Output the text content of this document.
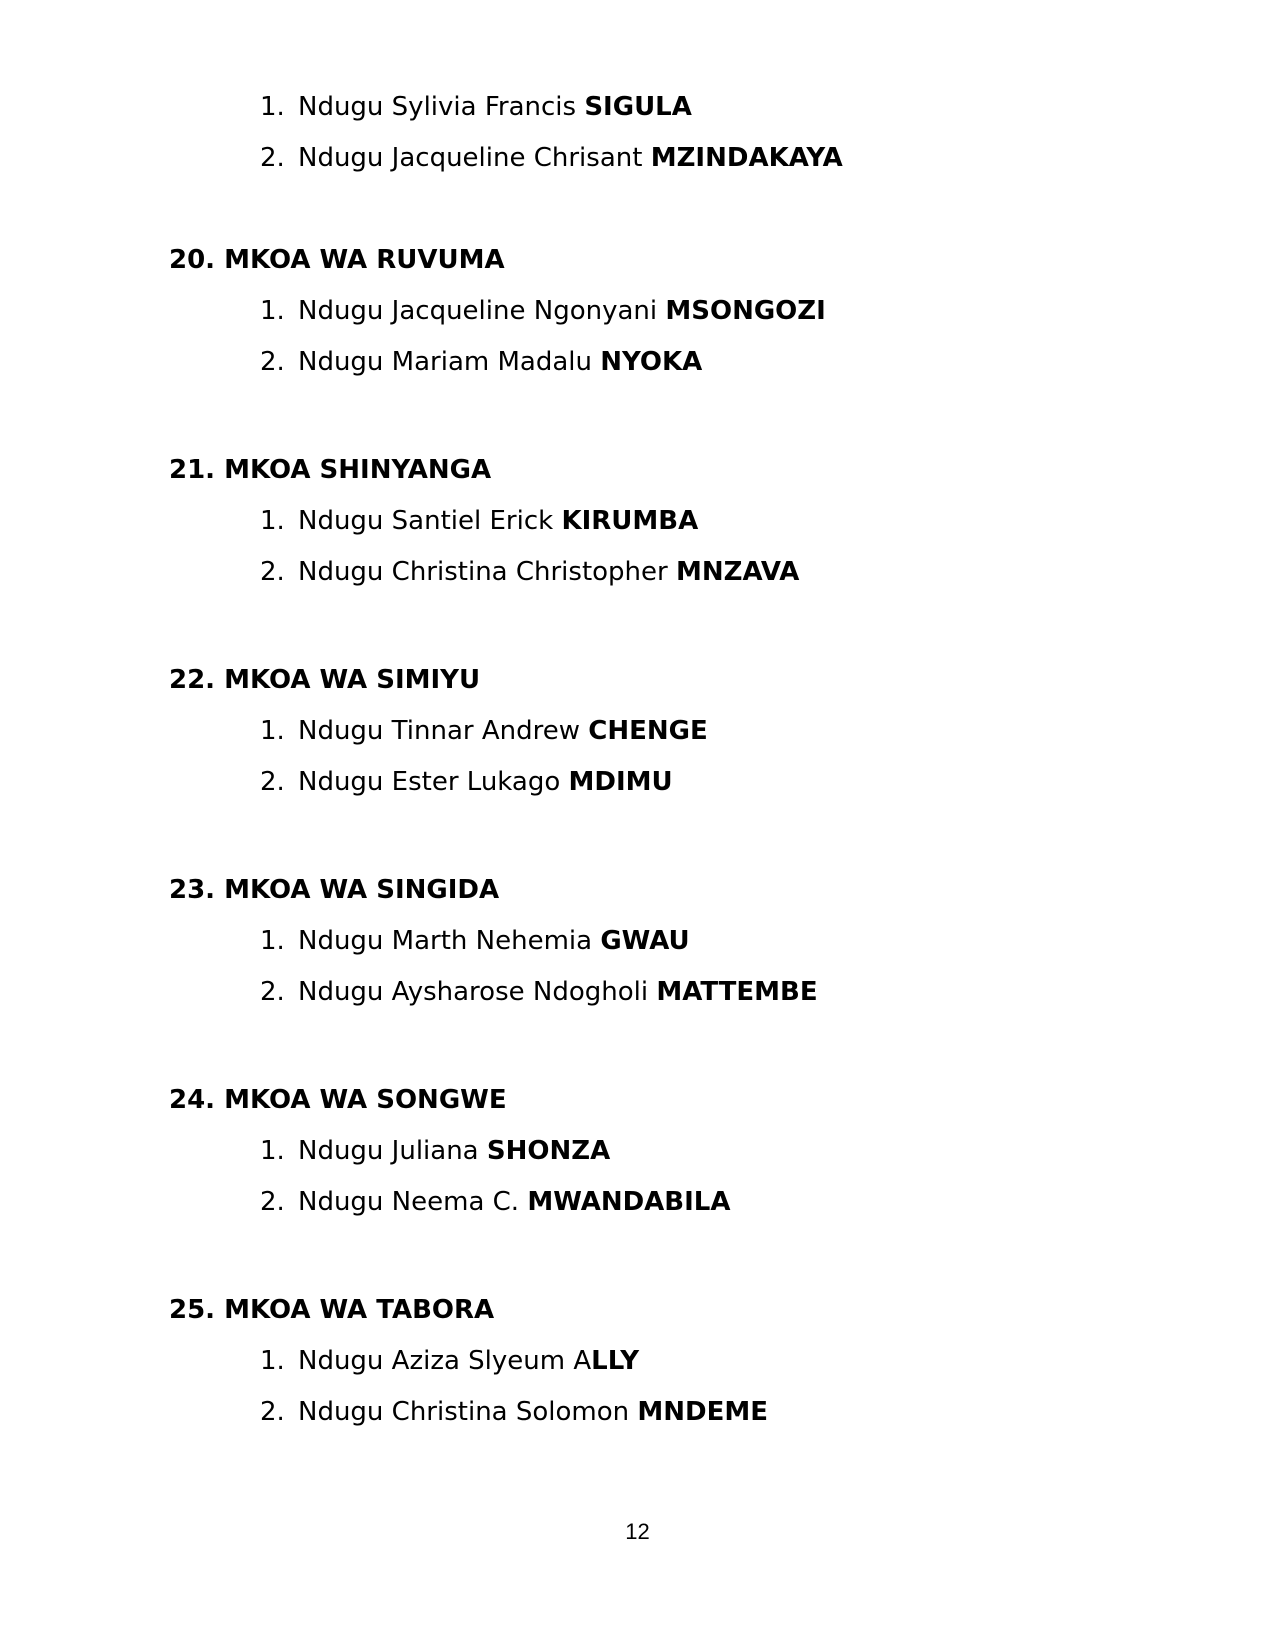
1. Ndugu Sylivia Francis SIGULA
2. Ndugu Jacqueline Chrisant MZINDAKAYA
20. MKOA WA RUVUMA
1. Ndugu Jacqueline Ngonyani MSONGOZI
2. Ndugu Mariam Madalu NYOKA
21. MKOA SHINYANGA
1. Ndugu Santiel Erick KIRUMBA
2. Ndugu Christina Christopher MNZAVA
22. MKOA WA SIMIYU
1. Ndugu Tinnar Andrew CHENGE
2. Ndugu Ester Lukago MDIMU
23. MKOA WA SINGIDA
1. Ndugu Marth Nehemia GWAU
2. Ndugu Aysharose Ndogholi MATTEMBE
24. MKOA WA SONGWE
1. Ndugu Juliana SHONZA
2. Ndugu Neema C. MWANDABILA
25. MKOA WA TABORA
1. Ndugu Aziza Slyeum ALLY
2. Ndugu Christina Solomon MNDEME
12
